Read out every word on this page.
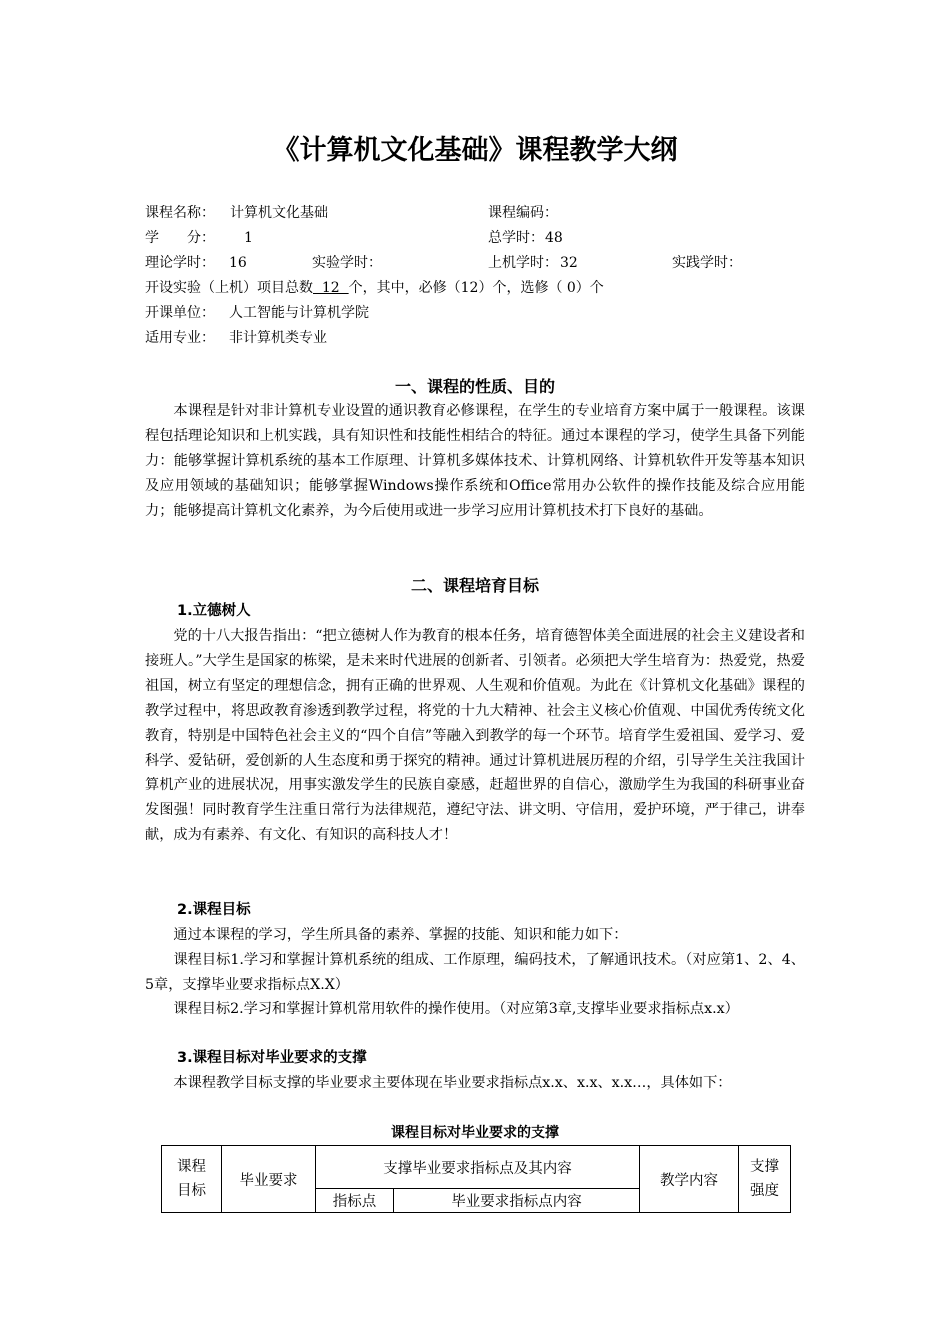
《计算机文化基础》课程教学大纲
课程名称： 计算机文化基础	课程编码：
学　　分： 1	总学时： 48
理论学时： 16	实验学时：	上机学时： 32	实践学时：
开设实验（上机）项目总数  12  个，其中，必修（12）个，选修（ 0）个
开课单位： 人工智能与计算机学院
适用专业： 非计算机类专业
一、课程的性质、目的

本课程是针对非计算机专业设置的通识教育必修课程，在学生的专业培育方案中属于一般课程。该课程包括理论知识和上机实践，具有知识性和技能性相结合的特征。通过本课程的学习，使学生具备下列能力：能够掌握计算机系统的基本工作原理、计算机多媒体技术、计算机网络、计算机软件开发等基本知识及应用领域的基础知识；能够掌握Windows操作系统和Office常用办公软件的操作技能及综合应用能力；能够提高计算机文化素养，为今后使用或进一步学习应用计算机技术打下良好的基础。

二、课程培育目标
1.立德树人

党的十八大报告指出：“把立德树人作为教育的根本任务，培育德智体美全面进展的社会主义建设者和接班人。”大学生是国家的栋梁，是未来时代进展的创新者、引领者。必须把大学生培育为：热爱党，热爱祖国，树立有坚定的理想信念，拥有正确的世界观、人生观和价值观。为此在《计算机文化基础》课程的教学过程中，将思政教育渗透到教学过程，将党的十九大精神、社会主义核心价值观、中国优秀传统文化教育，特别是中国特色社会主义的“四个自信”等融入到教学的每一个环节。培育学生爱祖国、爱学习、爱科学、爱钻研，爱创新的人生态度和勇于探究的精神。通过计算机进展历程的介绍，引导学生关注我国计算机产业的进展状况，用事实激发学生的民族自豪感，赶超世界的自信心，激励学生为我国的科研事业奋发图强！同时教育学生注重日常行为法律规范，遵纪守法、讲文明、守信用，爱护环境，严于律己，讲奉献，成为有素养、有文化、有知识的高科技人才！

2.课程目标

通过本课程的学习，学生所具备的素养、掌握的技能、知识和能力如下：

课程目标1.学习和掌握计算机系统的组成、工作原理，编码技术，了解通讯技术。（对应第1、2、4、5章，支撑毕业要求指标点X.X）

课程目标2.学习和掌握计算机常用软件的操作使用。（对应第3章,支撑毕业要求指标点x.x）

3.课程目标对毕业要求的支撑

本课程教学目标支撑的毕业要求主要体现在毕业要求指标点x.x、x.x、x.x…，具体如下：

课程目标对毕业要求的支撑
课程目标	毕业要求	支撑毕业要求指标点及其内容		教学内容	支撑强度
		指标点	毕业要求指标点内容		
